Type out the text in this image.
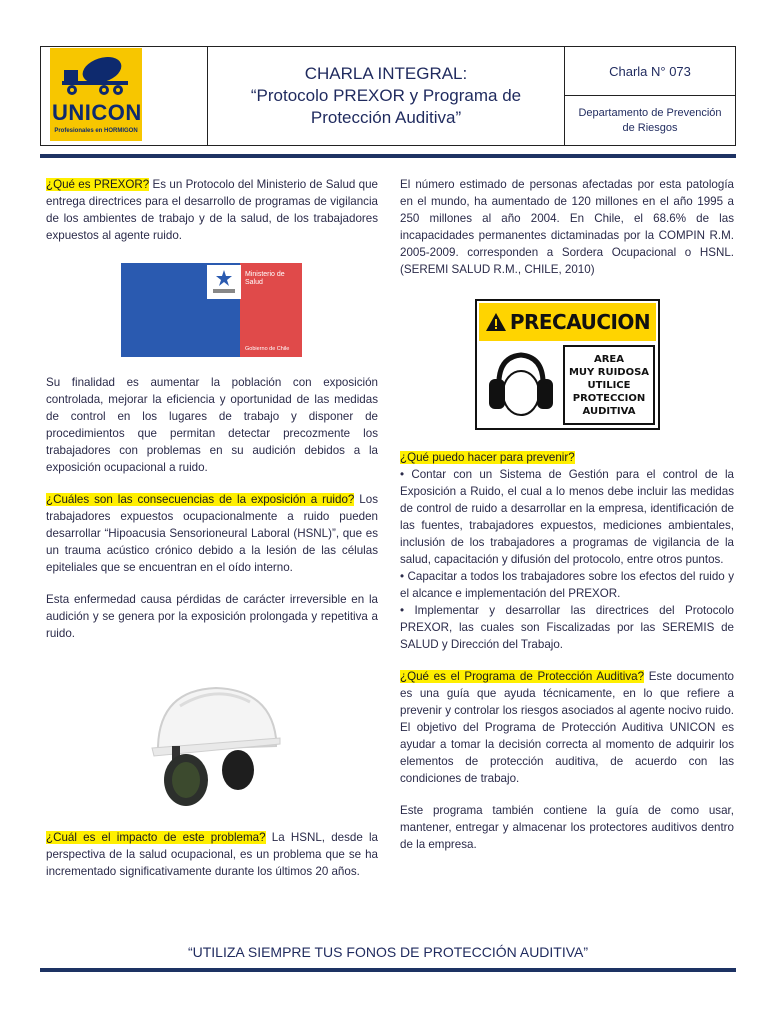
UNICON
Profesionales en HORMIGON
CHARLA INTEGRAL:
“Protocolo PREXOR y Programa de
Protección Auditiva”
Charla N° 073
Departamento de Prevención de Riesgos

¿Qué es PREXOR? Es un Protocolo del Ministerio de Salud que entrega directrices para el desarrollo de programas de vigilancia de los ambientes de trabajo y de la salud, de los trabajadores expuestos al agente ruido.

Ministerio de
Salud
Gobierno de Chile

Su finalidad es aumentar la población con exposición controlada, mejorar la eficiencia y oportunidad de las medidas de control en los lugares de trabajo y disponer de procedimientos que permitan detectar precozmente los trabajadores con problemas en su audición debidos a la exposición ocupacional a ruido.

¿Cuáles son las consecuencias de la exposición a ruido? Los trabajadores expuestos ocupacionalmente a ruido pueden desarrollar “Hipoacusia Sensorioneural Laboral (HSNL)”, que es un trauma acústico crónico debido a la lesión de las células epiteliales que se encuentran en el oído interno.

Esta enfermedad causa pérdidas de carácter irreversible en la audición y se genera por la exposición prolongada y repetitiva a ruido.

¿Cuál es el impacto de este problema? La HSNL, desde la perspectiva de la salud ocupacional, es un problema que se ha incrementado significativamente durante los últimos 20 años.

El número estimado de personas afectadas por esta patología en el mundo, ha aumentado de 120 millones en el año 1995 a 250 millones al año 2004. En Chile, el 68.6% de las incapacidades permanentes dictaminadas por la COMPIN R.M. 2005-2009. corresponden a Sordera Ocupacional o HSNL. (SEREMI SALUD R.M., CHILE, 2010)

PRECAUCION
AREA
MUY RUIDOSA
UTILICE
PROTECCION
AUDITIVA
¿Qué puedo hacer para prevenir?
• Contar con un Sistema de Gestión para el control de la Exposición a Ruido, el cual a lo menos debe incluir las medidas de control de ruido a desarrollar en la empresa, identificación de las fuentes, trabajadores expuestos, mediciones ambientales, inclusión de los trabajadores a programas de vigilancia de la salud, capacitación y difusión del protocolo, entre otros puntos.
• Capacitar a todos los trabajadores sobre los efectos del ruido y el alcance e implementación del PREXOR.

• Implementar y desarrollar las directrices del Protocolo PREXOR, las cuales son Fiscalizadas por las SEREMIS de SALUD y Dirección del Trabajo.

¿Qué es el Programa de Protección Auditiva? Este documento es una guía que ayuda técnicamente, en lo que refiere a prevenir y controlar los riesgos asociados al agente nocivo ruido. El objetivo del Programa de Protección Auditiva UNICON es ayudar a tomar la decisión correcta al momento de adquirir los elementos de protección auditiva, de acuerdo con las condiciones de trabajo.

Este programa también contiene la guía de como usar, mantener, entregar y almacenar los protectores auditivos dentro de la empresa.

“UTILIZA SIEMPRE TUS FONOS DE PROTECCIÓN AUDITIVA”
